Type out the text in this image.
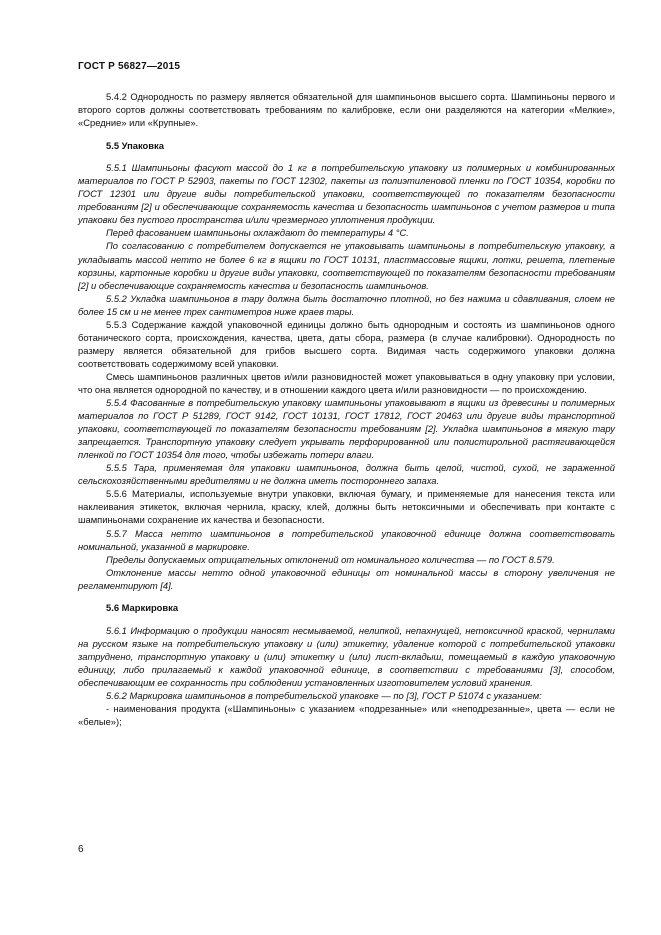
ГОСТ Р 56827—2015

5.4.2 Однородность по размеру является обязательной для шампиньонов высшего сорта. Шампиньоны первого и второго сортов должны соответствовать требованиям по калибровке, если они разделяются на категории «Мелкие», «Средние» или «Крупные».

5.5 Упаковка

5.5.1 Шампиньоны фасуют массой до 1 кг в потребительскую упаковку из полимерных и комбинированных материалов по ГОСТ Р 52903, пакеты по ГОСТ 12302, пакеты из полиэтиленовой пленки по ГОСТ 10354, коробки по ГОСТ 12301 или другие виды потребительской упаковки, соответствующей по показателям безопасности требованиям [2] и обеспечивающие сохраняемость качества и безопасность шампиньонов с учетом размеров и типа упаковки без пустого пространства и/или чрезмерного уплотнения продукции.

Перед фасованием шампиньоны охлаждают до температуры 4 °С.

По согласованию с потребителем допускается не упаковывать шампиньоны в потребительскую упаковку, а укладывать массой нетто не более 6 кг в ящики по ГОСТ 10131, пластмассовые ящики, лотки, решета, плетеные корзины, картонные коробки и другие виды упаковки, соответствующей по показателям безопасности требованиям [2] и обеспечивающие сохраняемость качества и безопасность шампиньонов.

5.5.2 Укладка шампиньонов в тару должна быть достаточно плотной, но без нажима и сдавливания, слоем не более 15 см и не менее трех сантиметров ниже краев тары.

5.5.3 Содержание каждой упаковочной единицы должно быть однородным и состоять из шампиньонов одного ботанического сорта, происхождения, качества, цвета, даты сбора, размера (в случае калибровки). Однородность по размеру является обязательной для грибов высшего сорта. Видимая часть содержимого упаковки должна соответствовать содержимому всей упаковки.

Смесь шампиньонов различных цветов и/или разновидностей может упаковываться в одну упаковку при условии, что она является однородной по качеству, и в отношении каждого цвета и/или разновидности — по происхождению.

5.5.4 Фасованные в потребительскую упаковку шампиньоны упаковывают в ящики из древесины и полимерных материалов по ГОСТ Р 51289, ГОСТ 9142, ГОСТ 10131, ГОСТ 17812, ГОСТ 20463 или другие виды транспортной упаковки, соответствующей по показателям безопасности требованиям [2]. Укладка шампиньонов в мягкую тару запрещается. Транспортную упаковку следует укрывать перфорированной или полистирольной растягивающейся пленкой по ГОСТ 10354 для того, чтобы избежать потери влаги.

5.5.5 Тара, применяемая для упаковки шампиньонов, должна быть целой, чистой, сухой, не зараженной сельскохозяйственными вредителями и не должна иметь постороннего запаха.

5.5.6 Материалы, используемые внутри упаковки, включая бумагу, и применяемые для нанесения текста или наклеивания этикеток, включая чернила, краску, клей, должны быть нетоксичными и обеспечивать при контакте с шампиньонами сохранение их качества и безопасности.

5.5.7 Масса нетто шампиньонов в потребительской упаковочной единице должна соответствовать номинальной, указанной в маркировке.

Пределы допускаемых отрицательных отклонений от номинального количества — по ГОСТ 8.579.

Отклонение массы нетто одной упаковочной единицы от номинальной массы в сторону увеличения не регламентируют [4].

5.6 Маркировка

5.6.1 Информацию о продукции наносят несмываемой, нелипкой, непахнущей, нетоксичной краской, чернилами на русском языке на потребительскую упаковку и (или) этикетку, удаление которой с потребительской упаковки затруднено, транспортную упаковку и (или) этикетку и (или) лист-вкладыш, помещаемый в каждую упаковочную единицу, либо прилагаемый к каждой упаковочной единице, в соответствии с требованиями [3], способом, обеспечивающим ее сохранность при соблюдении установленных изготовителем условий хранения.

5.6.2 Маркировка шампиньонов в потребительской упаковке — по [3], ГОСТ Р 51074 с указанием:

- наименования продукта («Шампиньоны» с указанием «подрезанные» или «неподрезанные», цвета — если не «белые»);

6
